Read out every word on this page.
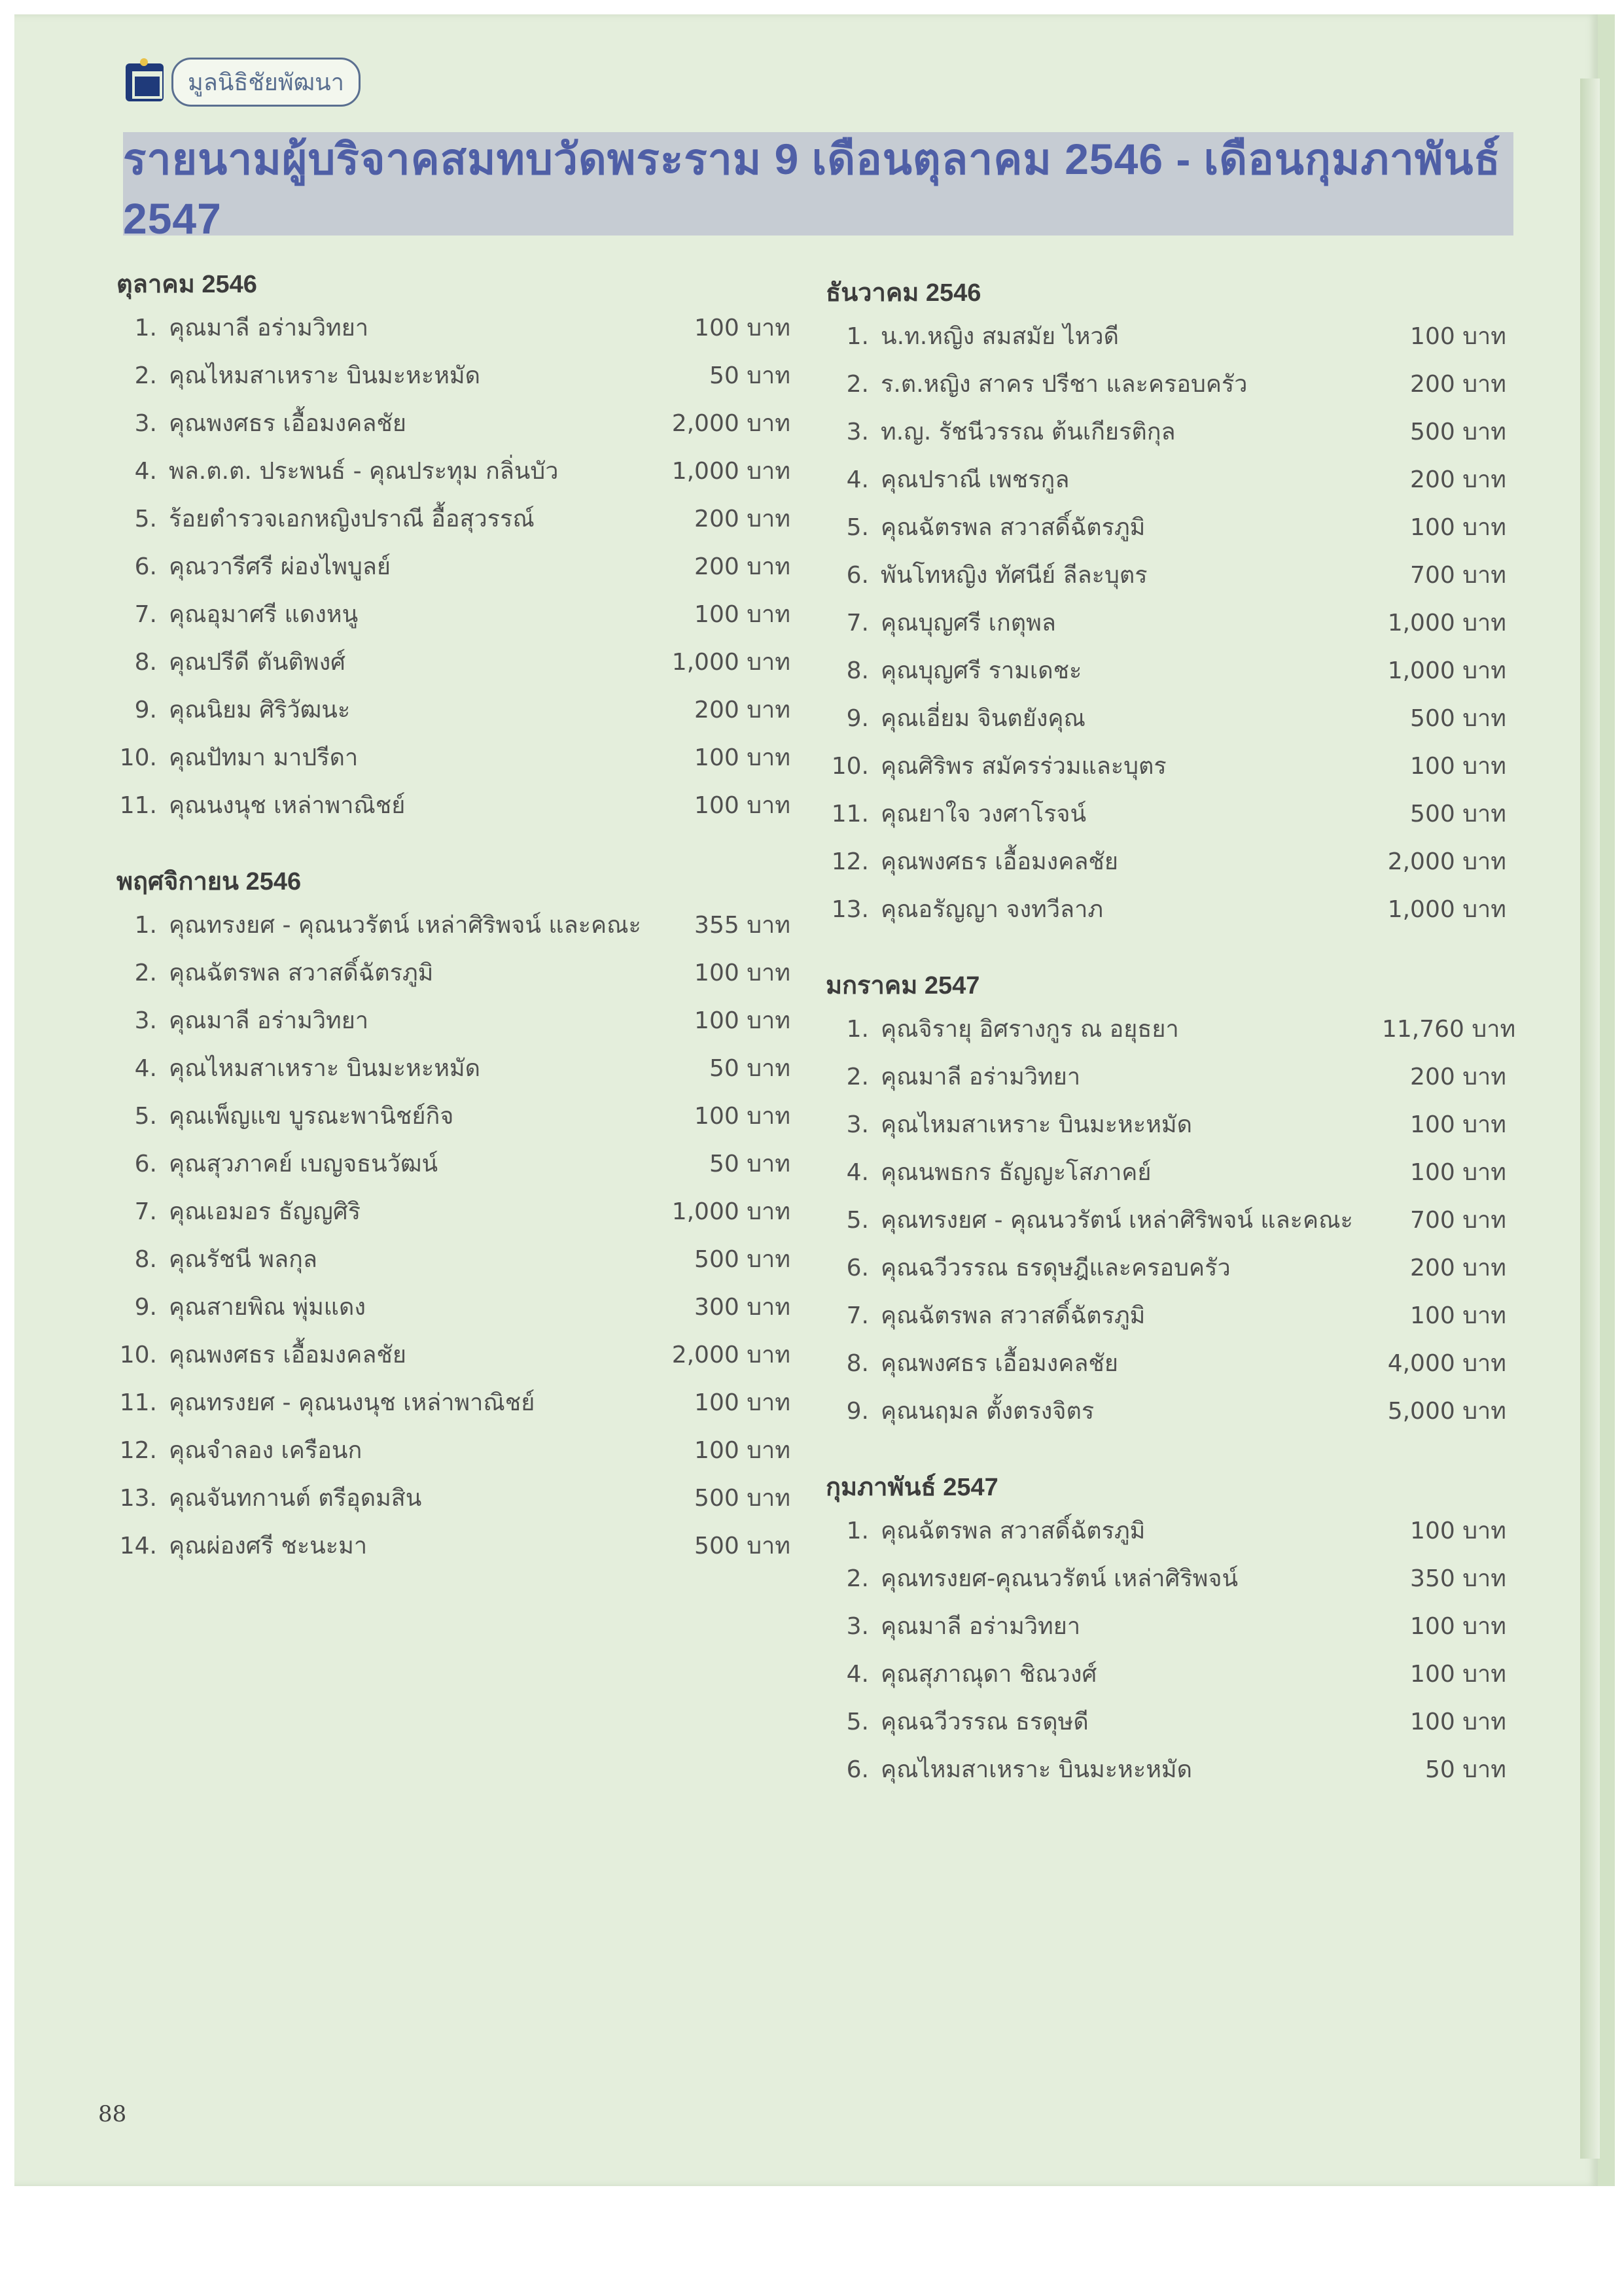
มูลนิธิชัยพัฒนา
รายนามผู้บริจาคสมทบวัดพระราม 9 เดือนตุลาคม 2546 - เดือนกุมภาพันธ์ 2547
ตุลาคม 2546
1. คุณมาลี อร่ามวิทยา	100 บาท
2. คุณไหมสาเหราะ บินมะหะหมัด	50 บาท
3. คุณพงศธร เอื้อมงคลชัย	2,000 บาท
4. พล.ต.ต. ประพนธ์ - คุณประทุม กลิ่นบัว	1,000 บาท
5. ร้อยตำรวจเอกหญิงปราณี อื้อสุวรรณ์	200 บาท
6. คุณวารีศรี ผ่องไพบูลย์	200 บาท
7. คุณอุมาศรี แดงหนู	100 บาท
8. คุณปรีดี ตันติพงศ์	1,000 บาท
9. คุณนิยม ศิริวัฒนะ	200 บาท
10. คุณปัทมา มาปรีดา	100 บาท
11. คุณนงนุช เหล่าพาณิชย์	100 บาท
พฤศจิกายน 2546
1. คุณทรงยศ - คุณนวรัตน์ เหล่าศิริพจน์ และคณะ	355 บาท
2. คุณฉัตรพล สวาสดิ์ฉัตรภูมิ	100 บาท
3. คุณมาลี อร่ามวิทยา	100 บาท
4. คุณไหมสาเหราะ บินมะหะหมัด	50 บาท
5. คุณเพ็ญแข บูรณะพานิชย์กิจ	100 บาท
6. คุณสุวภาคย์ เบญจธนวัฒน์	50 บาท
7. คุณเอมอร ธัญญศิริ	1,000 บาท
8. คุณรัชนี พลกุล	500 บาท
9. คุณสายพิณ พุ่มแดง	300 บาท
10. คุณพงศธร เอื้อมงคลชัย	2,000 บาท
11. คุณทรงยศ - คุณนงนุช เหล่าพาณิชย์	100 บาท
12. คุณจำลอง เครือนก	100 บาท
13. คุณจันทกานต์ ตรีอุดมสิน	500 บาท
14. คุณผ่องศรี ชะนะมา	500 บาท
ธันวาคม 2546
1. น.ท.หญิง สมสมัย ไหวดี	100 บาท
2. ร.ต.หญิง สาคร ปรีชา และครอบครัว	200 บาท
3. ท.ญ. รัชนีวรรณ ต้นเกียรติกุล	500 บาท
4. คุณปราณี เพชรกูล	200 บาท
5. คุณฉัตรพล สวาสดิ์ฉัตรภูมิ	100 บาท
6. พันโทหญิง ทัศนีย์ ลีละบุตร	700 บาท
7. คุณบุญศรี เกตุพล	1,000 บาท
8. คุณบุญศรี รามเดชะ	1,000 บาท
9. คุณเอี่ยม จินตยังคุณ	500 บาท
10. คุณศิริพร สมัครร่วมและบุตร	100 บาท
11. คุณยาใจ วงศาโรจน์	500 บาท
12. คุณพงศธร เอื้อมงคลชัย	2,000 บาท
13. คุณอรัญญา จงทวีลาภ	1,000 บาท
มกราคม 2547
1. คุณจิรายุ อิศรางกูร ณ อยุธยา	11,760 บาท
2. คุณมาลี อร่ามวิทยา	200 บาท
3. คุณไหมสาเหราะ บินมะหะหมัด	100 บาท
4. คุณนพธกร ธัญญะโสภาคย์	100 บาท
5. คุณทรงยศ - คุณนวรัตน์ เหล่าศิริพจน์ และคณะ	700 บาท
6. คุณฉวีวรรณ ธรดุษฎีและครอบครัว	200 บาท
7. คุณฉัตรพล สวาสดิ์ฉัตรภูมิ	100 บาท
8. คุณพงศธร เอื้อมงคลชัย	4,000 บาท
9. คุณนฤมล ตั้งตรงจิตร	5,000 บาท
กุมภาพันธ์ 2547
1. คุณฉัตรพล สวาสดิ์ฉัตรภูมิ	100 บาท
2. คุณทรงยศ-คุณนวรัตน์ เหล่าศิริพจน์	350 บาท
3. คุณมาลี อร่ามวิทยา	100 บาท
4. คุณสุภาณุดา ชิณวงศ์	100 บาท
5. คุณฉวีวรรณ ธรดุษดี	100 บาท
6. คุณไหมสาเหราะ บินมะหะหมัด	50 บาท
88
